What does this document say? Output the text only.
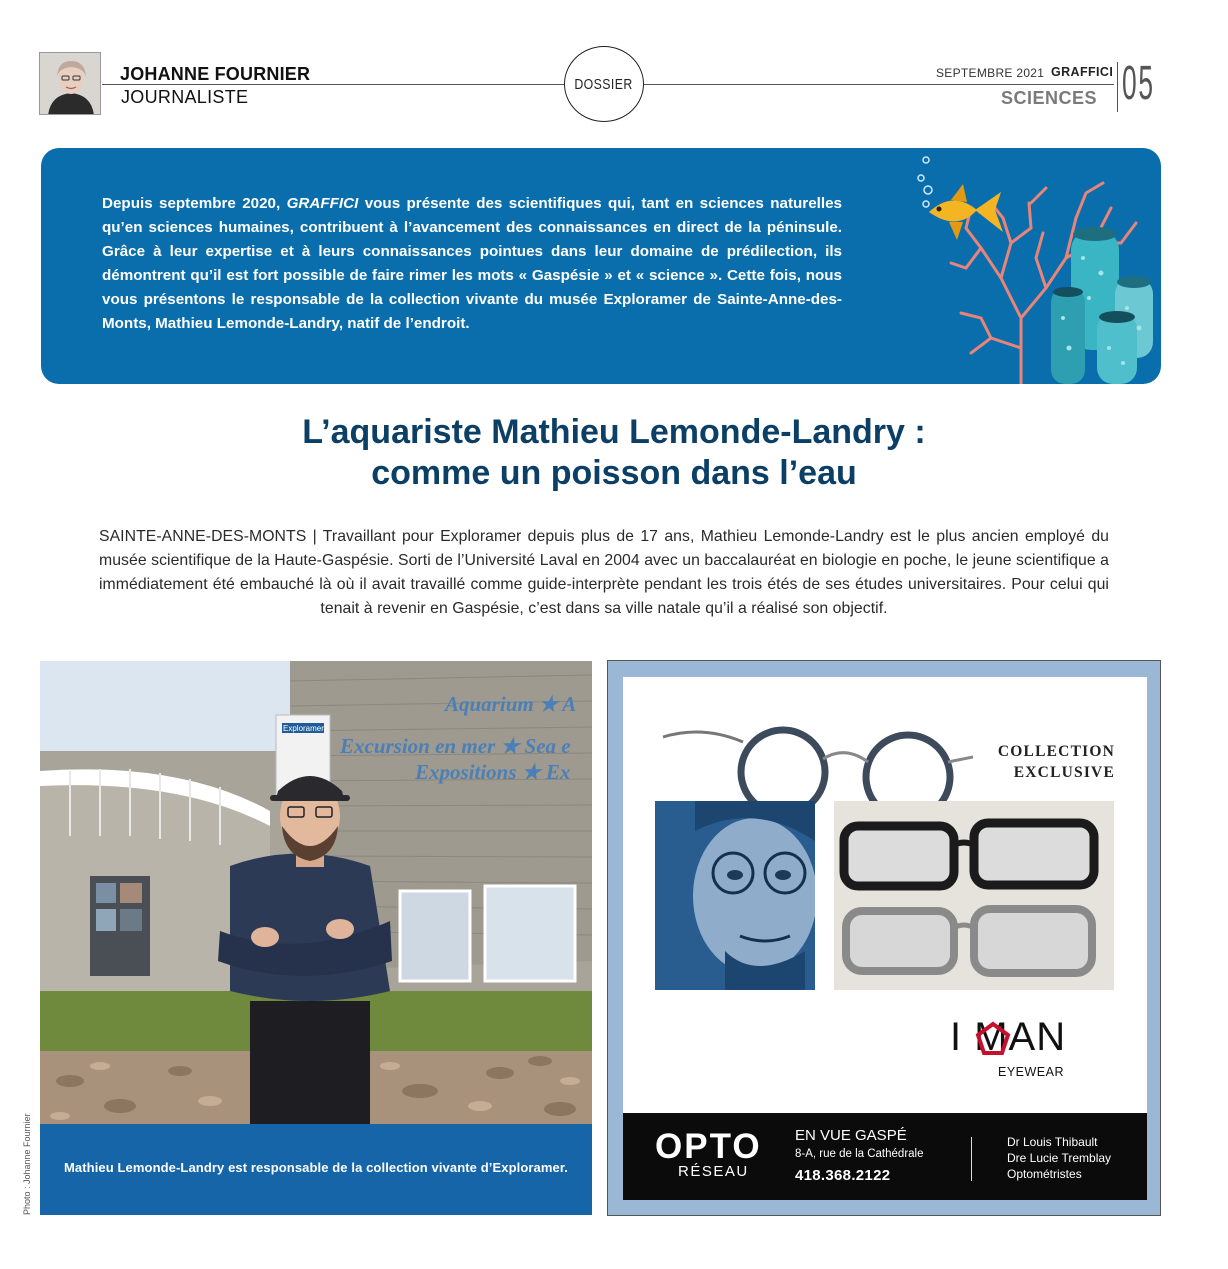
JOHANNE FOURNIER
JOURNALISTE
DOSSIER
SEPTEMBRE 2021 GRAFFICI
SCIENCES 05

Depuis septembre 2020, GRAFFICI vous présente des scientifiques qui, tant en sciences naturelles qu’en sciences humaines, contribuent à l’avancement des connaissances en direct de la péninsule. Grâce à leur expertise et à leurs connaissances pointues dans leur domaine de prédilection, ils démontrent qu’il est fort possible de faire rimer les mots « Gaspésie » et « science ». Cette fois, nous vous présentons le responsable de la collection vivante du musée Exploramer de Sainte-Anne-des-Monts, Mathieu Lemonde-Landry, natif de l’endroit.

L’aquariste Mathieu Lemonde-Landry :
comme un poisson dans l’eau

SAINTE-ANNE-DES-MONTS | Travaillant pour Exploramer depuis plus de 17 ans, Mathieu Lemonde-Landry est le plus ancien employé du musée scientifique de la Haute-Gaspésie. Sorti de l’Université Laval en 2004 avec un baccalauréat en biologie en poche, le jeune scientifique a immédiatement été embauché là où il avait travaillé comme guide-interprète pendant les trois étés de ses études universitaires. Pour celui qui tenait à revenir en Gaspésie, c’est dans sa ville natale qu’il a réalisé son objectif.

Aquarium ★ A
Excursion en mer ★ Sea e
Expositions ★ Ex
Exploramer
Mathieu Lemonde-Landry est responsable de la collection vivante d’Exploramer.
Photo : Johanne Fournier
COLLECTION
EXCLUSIVE
I MAN
EYEWEAR
OPTO
RÉSEAU
EN VUE GASPÉ
8-A, rue de la Cathédrale
418.368.2122
Dr Louis Thibault
Dre Lucie Tremblay
Optométristes
